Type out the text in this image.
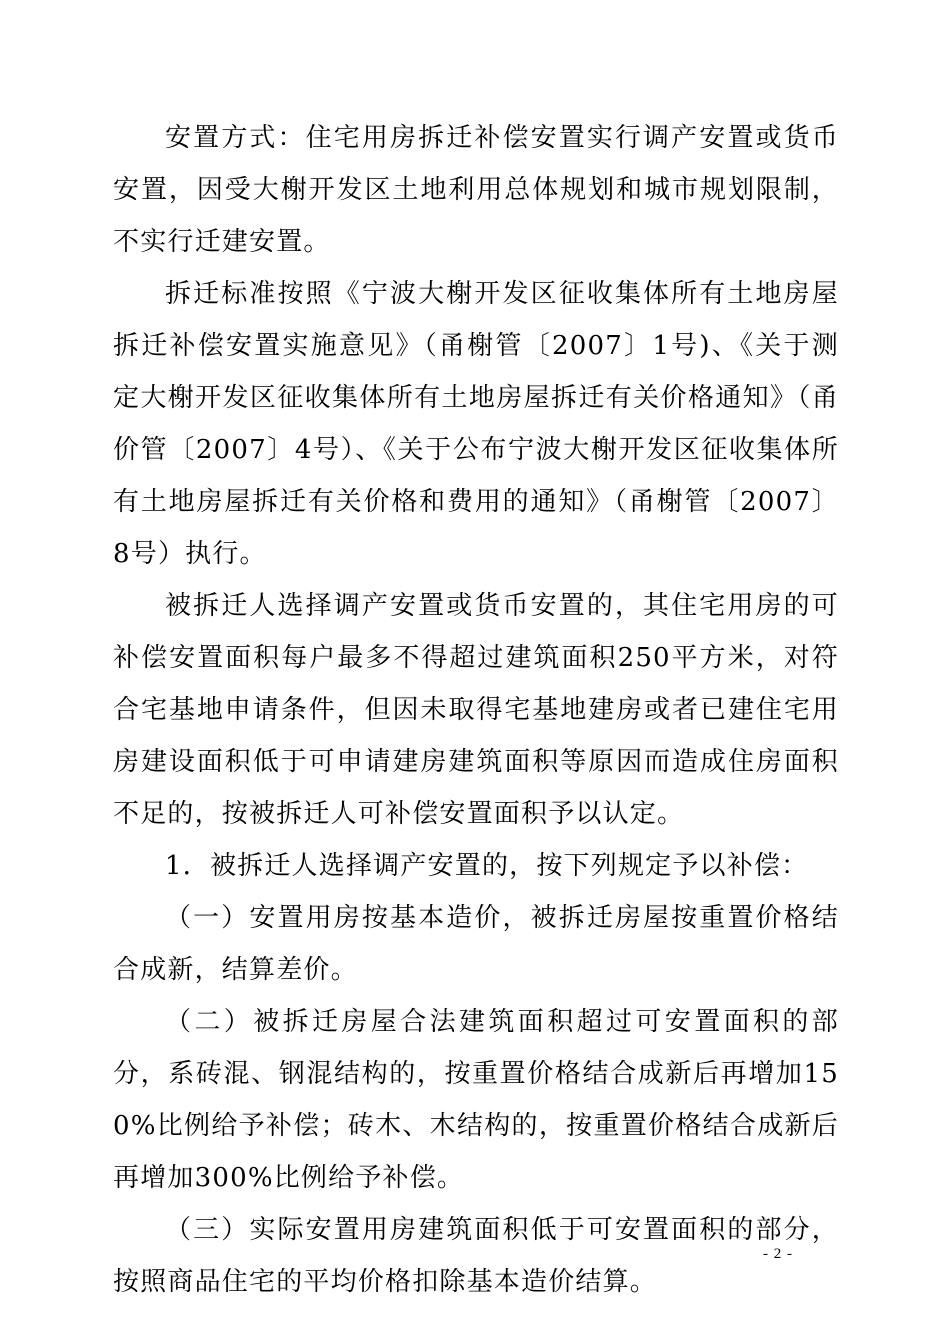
安置方式：住宅用房拆迁补偿安置实行调产安置或货币安置，因受大榭开发区土地利用总体规划和城市规划限制，不实行迁建安置。

拆迁标准按照《宁波大榭开发区征收集体所有土地房屋拆迁补偿安置实施意见》（甬榭管〔2007〕1号)、《关于测定大榭开发区征收集体所有土地房屋拆迁有关价格通知》（甬价管〔2007〕4号）、《关于公布宁波大榭开发区征收集体所有土地房屋拆迁有关价格和费用的通知》（甬榭管〔2007〕8号）执行。

被拆迁人选择调产安置或货币安置的，其住宅用房的可补偿安置面积每户最多不得超过建筑面积250平方米，对符合宅基地申请条件，但因未取得宅基地建房或者已建住宅用房建设面积低于可申请建房建筑面积等原因而造成住房面积不足的，按被拆迁人可补偿安置面积予以认定。

1．被拆迁人选择调产安置的，按下列规定予以补偿：

（一）安置用房按基本造价，被拆迁房屋按重置价格结合成新，结算差价。

（二）被拆迁房屋合法建筑面积超过可安置面积的部分，系砖混、钢混结构的，按重置价格结合成新后再增加150%比例给予补偿；砖木、木结构的，按重置价格结合成新后再增加300%比例给予补偿。

（三）实际安置用房建筑面积低于可安置面积的部分，按照商品住宅的平均价格扣除基本造价结算。

- 2 -
